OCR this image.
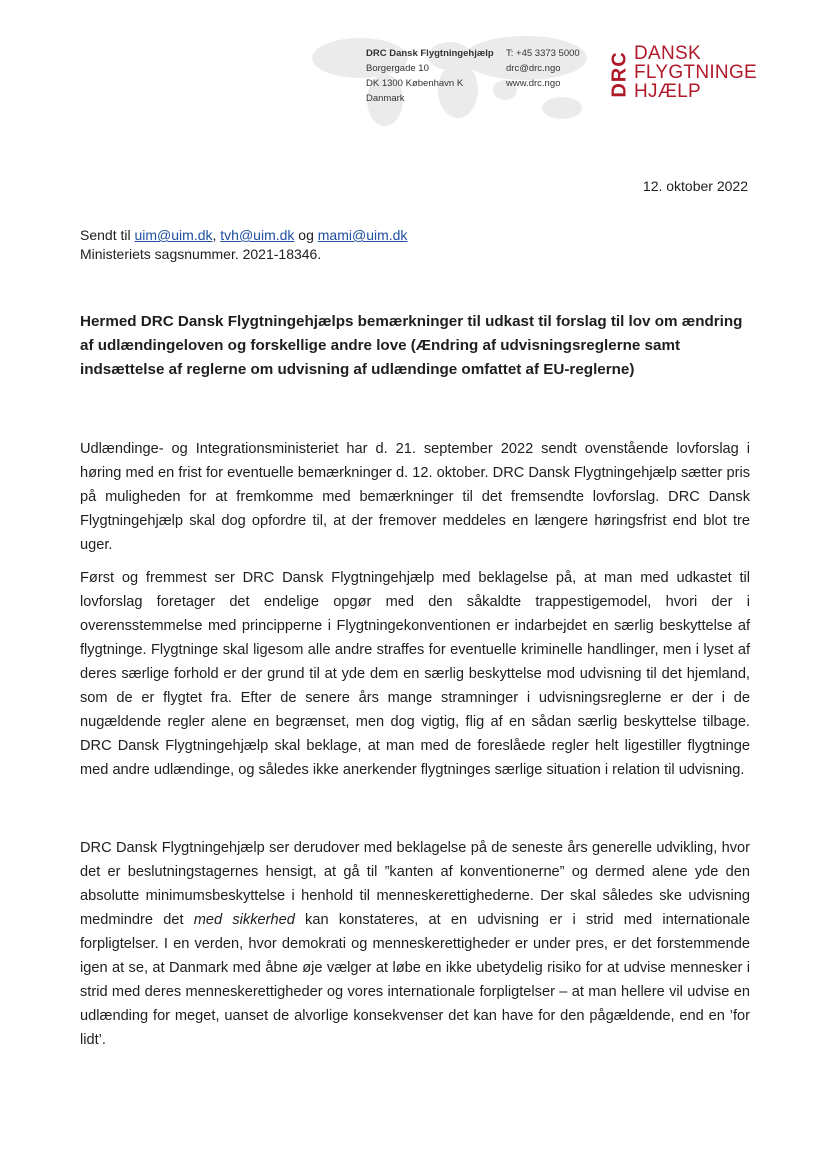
DRC Dansk Flygtningehjælp
Borgergade 10
DK 1300 København K
Danmark
T: +45 3373 5000
drc@drc.ngo
www.drc.ngo	DRC DANSK
FLYGTNINGE
HJÆLP
12. oktober 2022
Sendt til uim@uim.dk, tvh@uim.dk og mami@uim.dk
Ministeriets sagsnummer. 2021-18346.
Hermed DRC Dansk Flygtningehjælps bemærkninger til udkast til forslag til lov om ændring af udlændingeloven og forskellige andre love (Ændring af udvisningsreglerne samt indsættelse af reglerne om udvisning af udlændinge omfattet af EU-reglerne)

Udlændinge- og Integrationsministeriet har d. 21. september 2022 sendt ovenstående lovforslag i høring med en frist for eventuelle bemærkninger d. 12. oktober. DRC Dansk Flygtningehjælp sætter pris på muligheden for at fremkomme med bemærkninger til det fremsendte lovforslag. DRC Dansk Flygtningehjælp skal dog opfordre til, at der fremover meddeles en længere høringsfrist end blot tre uger.

Først og fremmest ser DRC Dansk Flygtningehjælp med beklagelse på, at man med udkastet til lovforslag foretager det endelige opgør med den såkaldte trappestigemodel, hvori der i overensstemmelse med principperne i Flygtningekonventionen er indarbejdet en særlig beskyttelse af flygtninge. Flygtninge skal ligesom alle andre straffes for eventuelle kriminelle handlinger, men i lyset af deres særlige forhold er der grund til at yde dem en særlig beskyttelse mod udvisning til det hjemland, som de er flygtet fra. Efter de senere års mange stramninger i udvisningsreglerne er der i de nugældende regler alene en begrænset, men dog vigtig, flig af en sådan særlig beskyttelse tilbage. DRC Dansk Flygtningehjælp skal beklage, at man med de foreslåede regler helt ligestiller flygtninge med andre udlændinge, og således ikke anerkender flygtninges særlige situation i relation til udvisning.

DRC Dansk Flygtningehjælp ser derudover med beklagelse på de seneste års generelle udvikling, hvor det er beslutningstagernes hensigt, at gå til ”kanten af konventionerne” og dermed alene yde den absolutte minimumsbeskyttelse i henhold til menneskerettighederne. Der skal således ske udvisning medmindre det med sikkerhed kan konstateres, at en udvisning er i strid med internationale forpligtelser. I en verden, hvor demokrati og menneskerettigheder er under pres, er det forstemmende igen at se, at Danmark med åbne øje vælger at løbe en ikke ubetydelig risiko for at udvise mennesker i strid med deres menneskerettigheder og vores internationale forpligtelser – at man hellere vil udvise en udlænding for meget, uanset de alvorlige konsekvenser det kan have for den pågældende, end en ’for lidt’.
